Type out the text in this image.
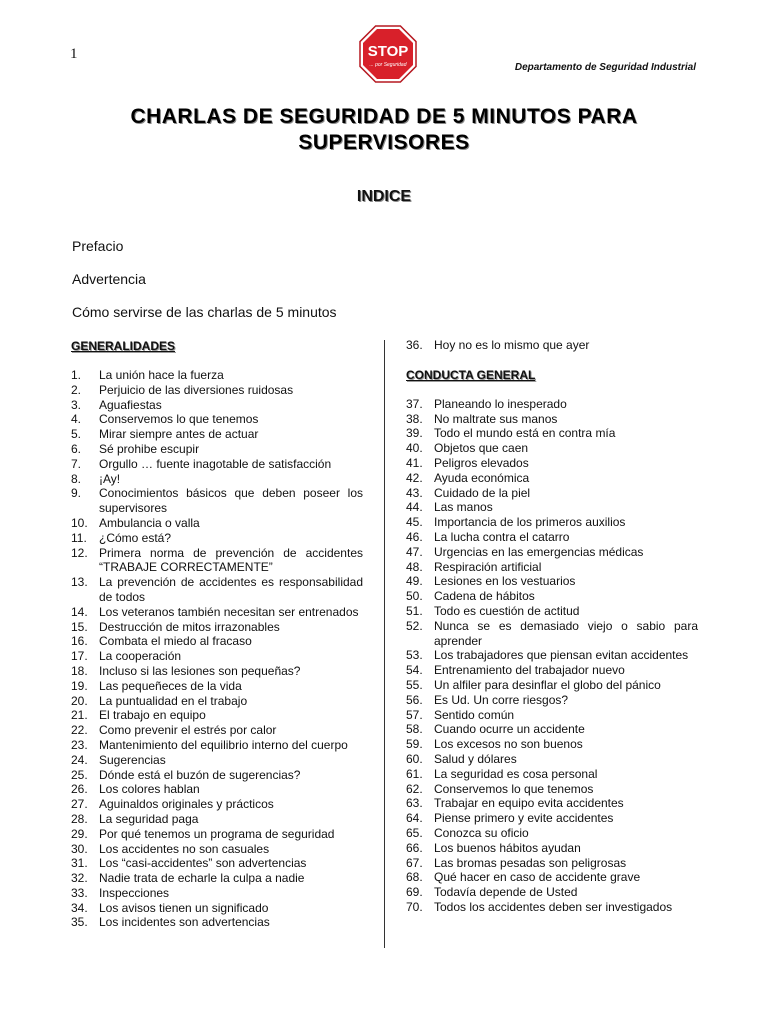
1	STOP
... por Seguridad	Departamento de Seguridad Industrial
CHARLAS DE SEGURIDAD DE 5 MINUTOS PARA
SUPERVISORES
INDICE
Prefacio
Advertencia
Cómo servirse de las charlas de 5 minutos
GENERALIDADES
1.	La unión hace la fuerza
2.	Perjuicio de las diversiones ruidosas
3.	Aguafiestas
4.	Conservemos lo que tenemos
5.	Mirar siempre antes de actuar
6.	Sé prohibe escupir
7.	Orgullo … fuente inagotable de satisfacción
8.	¡Ay!
9.	Conocimientos básicos que deben poseer los supervisores
10. Ambulancia o valla
11.	¿Cómo está?
12. Primera norma de prevención de accidentes “TRABAJE CORRECTAMENTE”
13. La prevención de accidentes es responsabilidad de todos
14. Los veteranos también necesitan ser entrenados
15. Destrucción de mitos irrazonables
16. Combata el miedo al fracaso
17. La cooperación
18. Incluso si las lesiones son pequeñas?
19. Las pequeñeces de la vida
20. La puntualidad en el trabajo
21. El trabajo en equipo
22. Como prevenir el estrés por calor
23. Mantenimiento del equilibrio interno del cuerpo
24. Sugerencias
25. Dónde está el buzón de sugerencias?
26. Los colores hablan
27. Aguinaldos originales y prácticos
28. La seguridad paga
29. Por qué tenemos un programa de seguridad
30. Los accidentes no son casuales
31. Los “casi-accidentes” son advertencias
32. Nadie trata de echarle la culpa a nadie
33. Inspecciones
34. Los avisos tienen un significado
35. Los incidentes son advertencias
36. Hoy no es lo mismo que ayer
CONDUCTA GENERAL
37. Planeando lo inesperado
38. No maltrate sus manos
39. Todo el mundo está en contra mía
40. Objetos que caen
41. Peligros elevados
42. Ayuda económica
43. Cuidado de la piel
44. Las manos
45. Importancia de los primeros auxilios
46. La lucha contra el catarro
47. Urgencias en las emergencias médicas
48. Respiración artificial
49. Lesiones en los vestuarios
50. Cadena de hábitos
51. Todo es cuestión de actitud
52. Nunca se es demasiado viejo o sabio para aprender
53. Los trabajadores que piensan evitan accidentes
54. Entrenamiento del trabajador nuevo
55. Un alfiler para desinflar el globo del pánico
56. Es Ud. Un corre riesgos?
57. Sentido común
58. Cuando ocurre un accidente
59. Los excesos no son buenos
60. Salud y dólares
61. La seguridad es cosa personal
62. Conservemos lo que tenemos
63. Trabajar en equipo evita accidentes
64. Piense primero y evite accidentes
65. Conozca su oficio
66. Los buenos hábitos ayudan
67. Las bromas pesadas son peligrosas
68. Qué hacer en caso de accidente grave
69. Todavía depende de Usted
70. Todos los accidentes deben ser investigados
